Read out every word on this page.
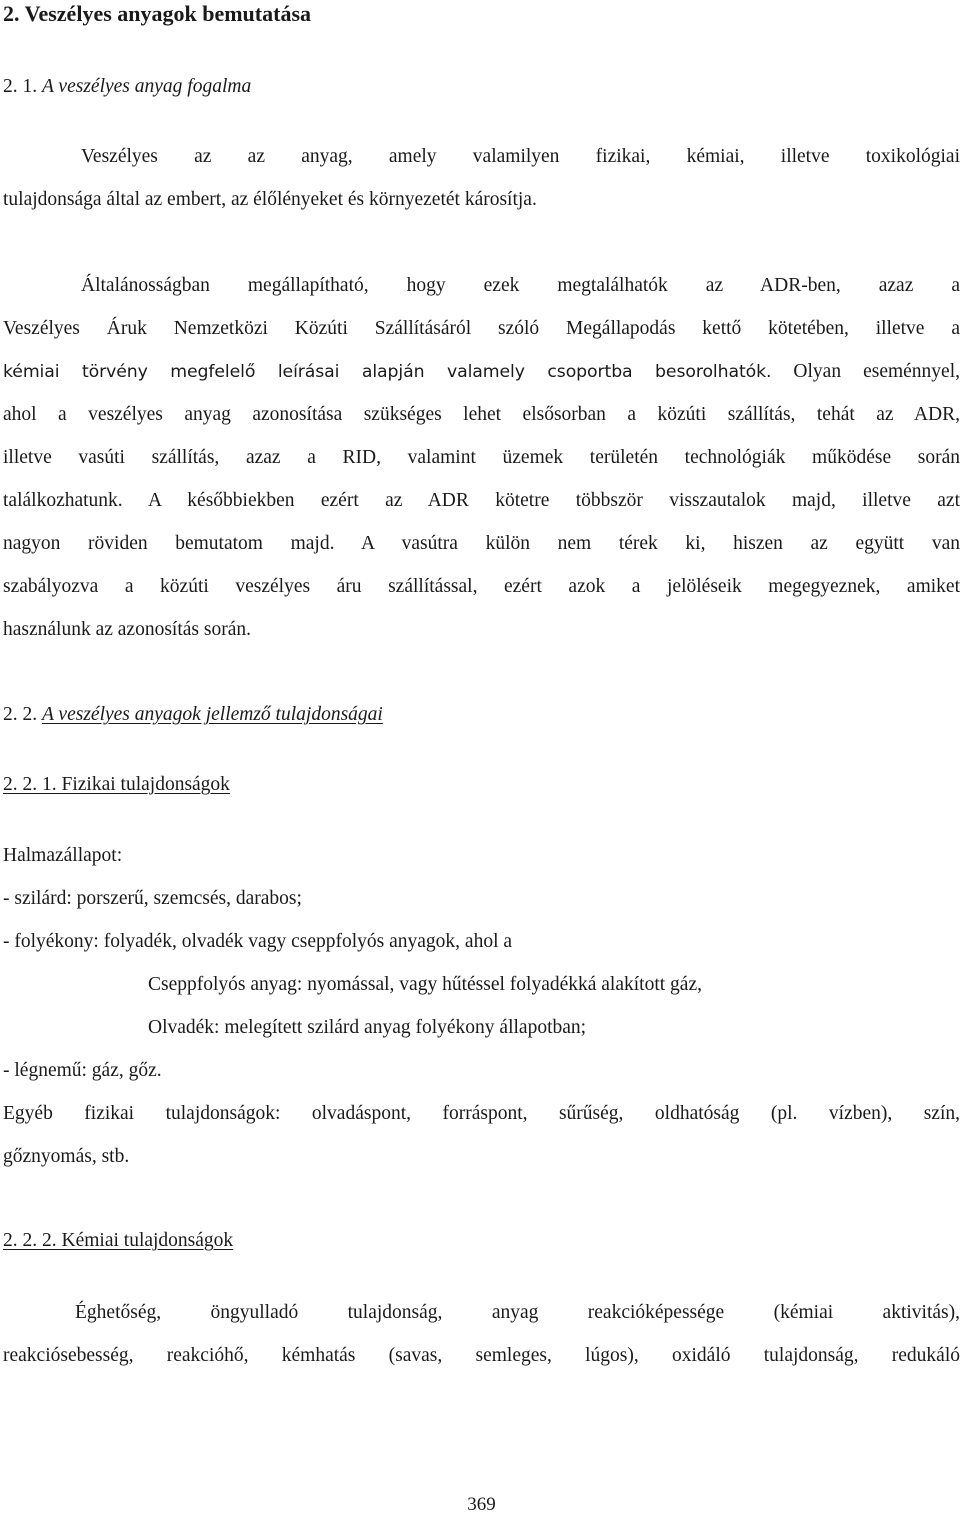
2. Veszélyes anyagok bemutatása
2. 1. A veszélyes anyag fogalma
Veszélyes az az anyag, amely valamilyen fizikai, kémiai, illetve toxikológiai
tulajdonsága által az embert, az élőlényeket és környezetét károsítja.
Általánosságban megállapítható, hogy ezek megtalálhatók az ADR-ben, azaz a
Veszélyes Áruk Nemzetközi Közúti Szállításáról szóló Megállapodás kettő kötetében, illetve a
kémiai törvény megfelelő leírásai alapján valamely csoportba besorolhatók. Olyan eseménnyel,
ahol a veszélyes anyag azonosítása szükséges lehet elsősorban a közúti szállítás, tehát az ADR,
illetve vasúti szállítás, azaz a RID, valamint üzemek területén technológiák működése során
találkozhatunk. A későbbiekben ezért az ADR kötetre többször visszautalok majd, illetve azt
nagyon röviden bemutatom majd. A vasútra külön nem térek ki, hiszen az együtt van
szabályozva a közúti veszélyes áru szállítással, ezért azok a jelöléseik megegyeznek, amiket
használunk az azonosítás során.
2. 2. A veszélyes anyagok jellemző tulajdonságai
2. 2. 1. Fizikai tulajdonságok
Halmazállapot:
- szilárd: porszerű, szemcsés, darabos;
- folyékony: folyadék, olvadék vagy cseppfolyós anyagok, ahol a
Cseppfolyós anyag: nyomással, vagy hűtéssel folyadékká alakított gáz,
Olvadék: melegített szilárd anyag folyékony állapotban;
- légnemű: gáz, gőz.
Egyéb fizikai tulajdonságok: olvadáspont, forráspont, sűrűség, oldhatóság (pl. vízben), szín,
gőznyomás, stb.
2. 2. 2. Kémiai tulajdonságok
Éghetőség, öngyulladó tulajdonság, anyag reakcióképessége (kémiai aktivitás),
reakciósebesség, reakcióhő, kémhatás (savas, semleges, lúgos), oxidáló tulajdonság, redukáló
369
